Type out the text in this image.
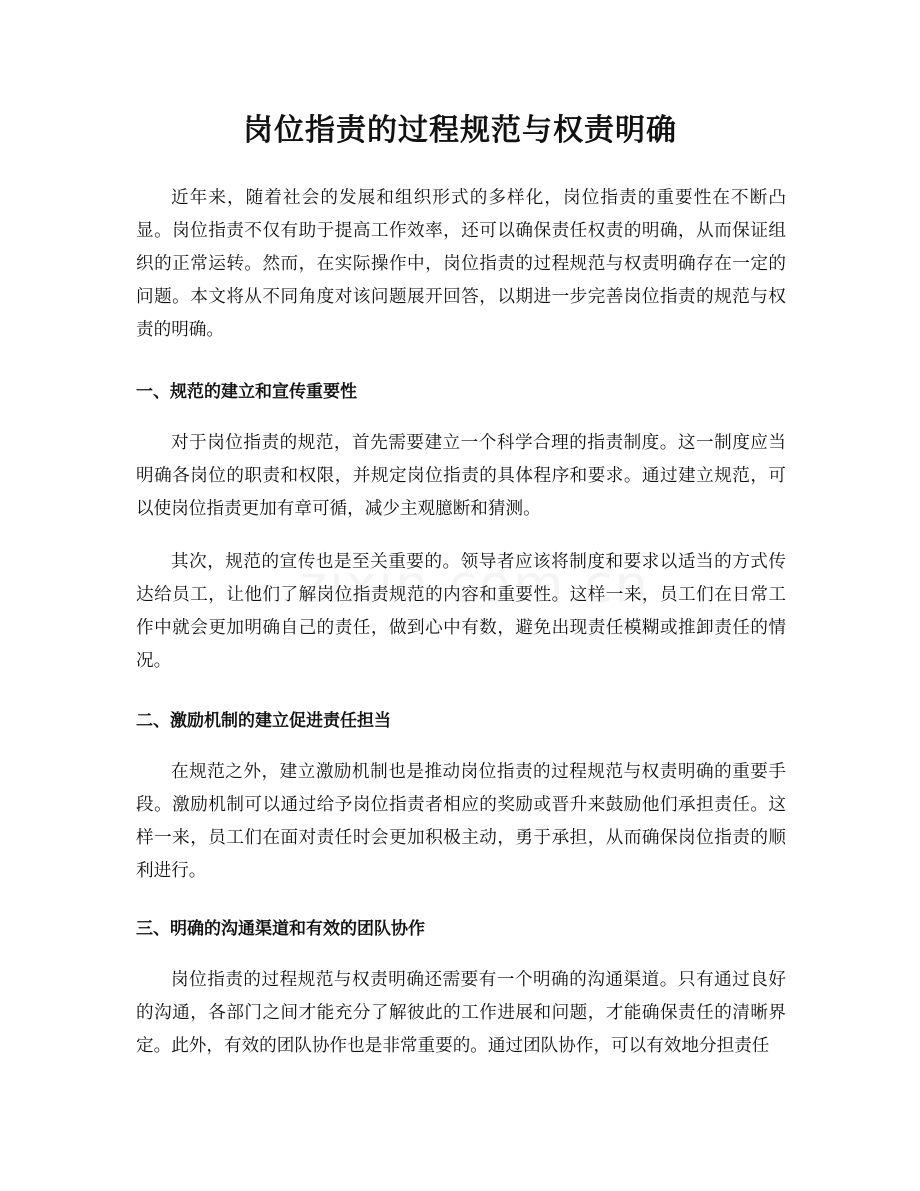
岗位指责的过程规范与权责明确

近年来，随着社会的发展和组织形式的多样化，岗位指责的重要性在不断凸显。岗位指责不仅有助于提高工作效率，还可以确保责任权责的明确，从而保证组织的正常运转。然而，在实际操作中，岗位指责的过程规范与权责明确存在一定的问题。本文将从不同角度对该问题展开回答，以期进一步完善岗位指责的规范与权责的明确。

一、规范的建立和宣传重要性

对于岗位指责的规范，首先需要建立一个科学合理的指责制度。这一制度应当明确各岗位的职责和权限，并规定岗位指责的具体程序和要求。通过建立规范，可以使岗位指责更加有章可循，减少主观臆断和猜测。

其次，规范的宣传也是至关重要的。领导者应该将制度和要求以适当的方式传达给员工，让他们了解岗位指责规范的内容和重要性。这样一来，员工们在日常工作中就会更加明确自己的责任，做到心中有数，避免出现责任模糊或推卸责任的情况。

二、激励机制的建立促进责任担当

在规范之外，建立激励机制也是推动岗位指责的过程规范与权责明确的重要手段。激励机制可以通过给予岗位指责者相应的奖励或晋升来鼓励他们承担责任。这样一来，员工们在面对责任时会更加积极主动，勇于承担，从而确保岗位指责的顺利进行。

三、明确的沟通渠道和有效的团队协作

岗位指责的过程规范与权责明确还需要有一个明确的沟通渠道。只有通过良好的沟通，各部门之间才能充分了解彼此的工作进展和问题，才能确保责任的清晰界定。此外，有效的团队协作也是非常重要的。通过团队协作，可以有效地分担责任
